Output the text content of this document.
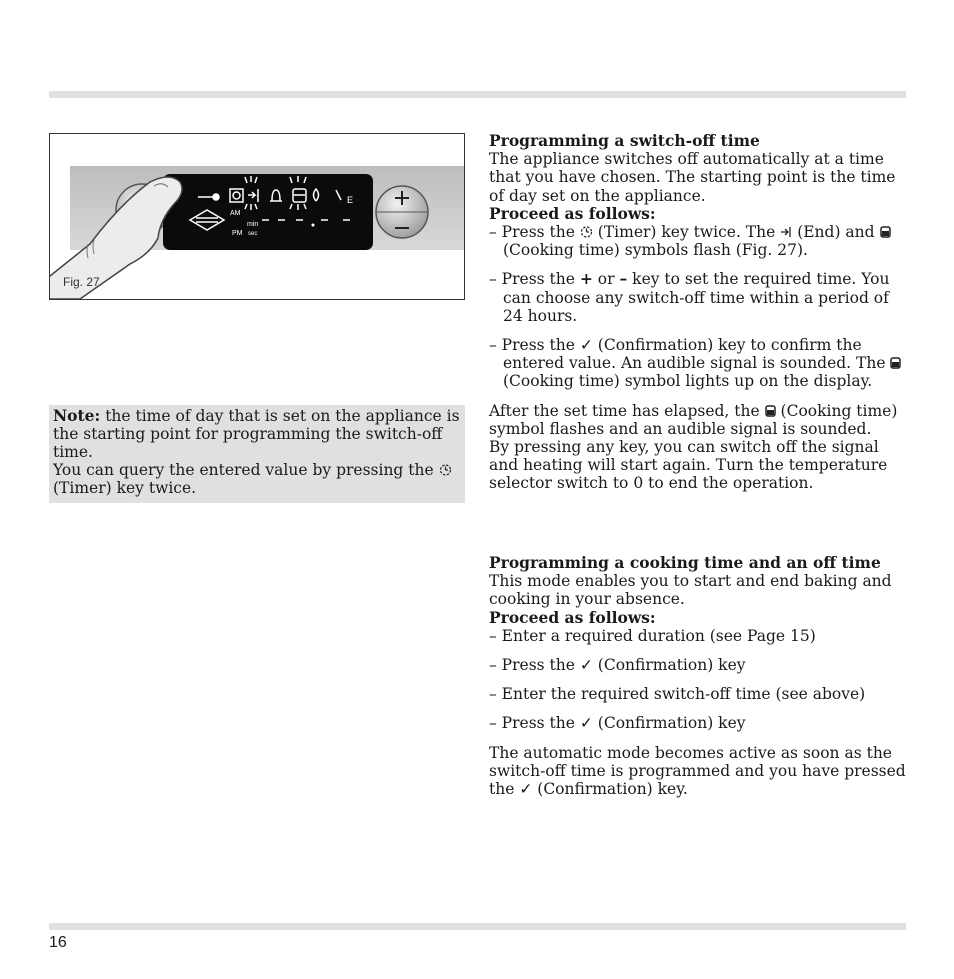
AM
PM
min
sec
E
Fig. 27

Note: the time of day that is set on the appliance is the starting point for programming the switch-off time.

You can query the entered value by pressing the  (Timer) key twice.

Programming a switch-off time

The appliance switches off automatically at a time that you have chosen. The starting point is the time of day set on the appliance.

Proceed as follows:

– Press the (Timer) key twice. The (End) and  (Cooking time) symbols flash (Fig. 27).

– Press the + or – key to set the required time. You can choose any switch-off time within a period of 24 hours.

– Press the ✓ (Confirmation) key to confirm the entered value. An audible signal is sounded. The  (Cooking time) symbol lights up on the display.

After the set time has elapsed, the (Cooking time) symbol flashes and an audible signal is sounded.

By pressing any key, you can switch off the signal and heating will start again. Turn the temperature selector switch to 0 to end the operation.

Programming a cooking time and an off time

This mode enables you to start and end baking and cooking in your absence.

Proceed as follows:

– Enter a required duration (see Page 15)

– Press the ✓ (Confirmation) key

– Enter the required switch-off time (see above)

– Press the ✓ (Confirmation) key

The automatic mode becomes active as soon as the switch-off time is programmed and you have pressed the ✓ (Confirmation) key.

16
